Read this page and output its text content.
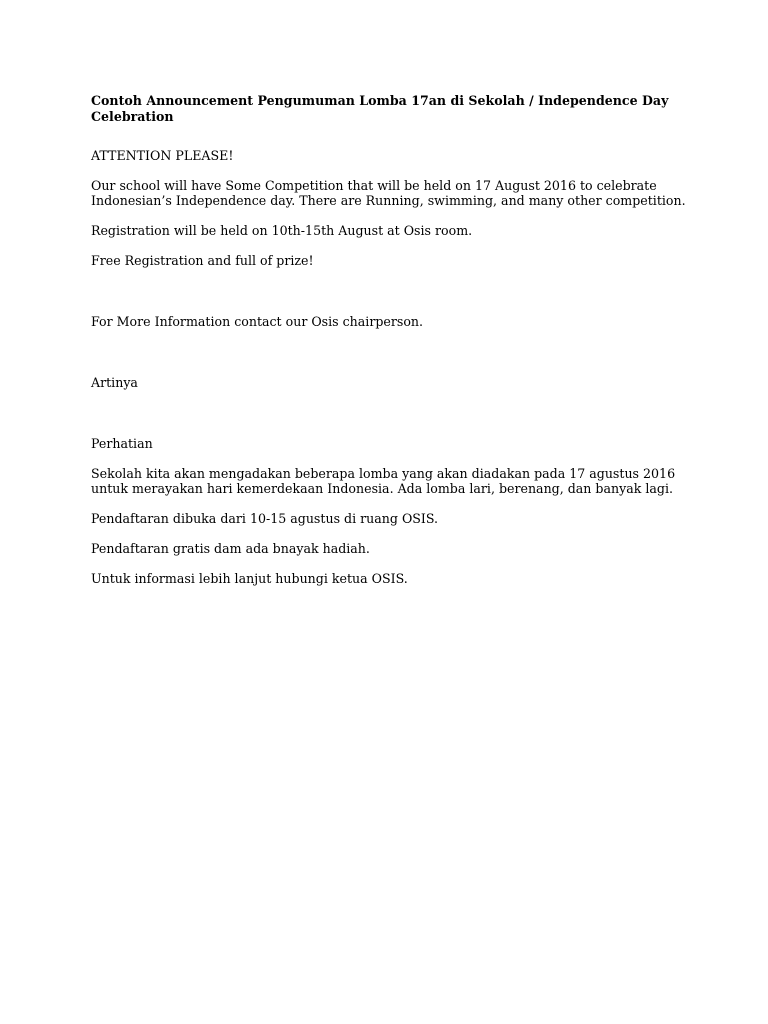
Contoh Announcement Pengumuman Lomba 17an di Sekolah / Independence Day Celebration

ATTENTION PLEASE!

Our school will have Some Competition that will be held on 17 August 2016 to celebrate Indonesian’s Independence day. There are Running, swimming, and many other competition.

Registration will be held on 10th-15th August at Osis room.

Free Registration and full of prize!

For More Information contact our Osis chairperson.

Artinya

Perhatian

Sekolah kita akan mengadakan beberapa lomba yang akan diadakan pada 17 agustus 2016 untuk merayakan hari kemerdekaan Indonesia. Ada lomba lari, berenang, dan banyak lagi.

Pendaftaran dibuka dari 10-15 agustus di ruang OSIS.

Pendaftaran gratis dam ada bnayak hadiah.

Untuk informasi lebih lanjut hubungi ketua OSIS.
